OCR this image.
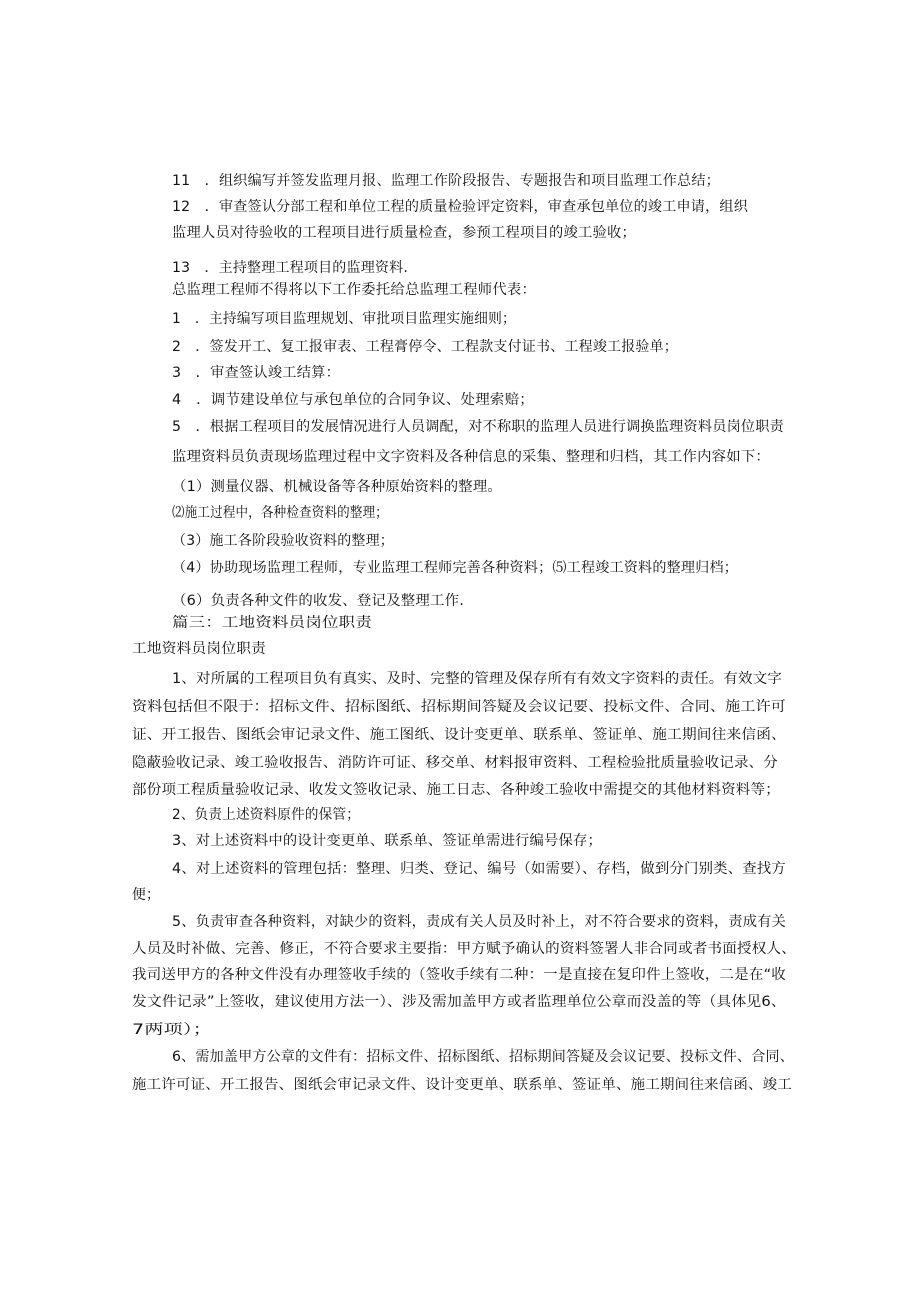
11　．组织编写并签发监理月报、监理工作阶段报告、专题报告和项目监理工作总结；
12　．审查签认分部工程和单位工程的质量检验评定资料，审查承包单位的竣工申请，组织
监理人员对待验收的工程项目进行质量检查，参预工程项目的竣工验收；
13　．主持整理工程项目的监理资料.
总监理工程师不得将以下工作委托给总监理工程师代表：
1　．主持编写项目监理规划、审批项目监理实施细则；
2　．签发开工、复工报审表、工程膏停令、工程款支付证书、工程竣工报验单；
3　．审查签认竣工结算：
4　．调节建设单位与承包单位的合同争议、处理索赔；
5　．根据工程项目的发展情况进行人员调配，对不称职的监理人员进行调换监理资料员岗位职责
监理资料员负责现场监理过程中文字资料及各种信息的采集、整理和归档，其工作内容如下：
（1）测量仪器、机械设备等各种原始资料的整理。
⑵施工过程中，各种检查资料的整理；
（3）施工各阶段验收资料的整理；
（4）协助现场监理工程师，专业监理工程师完善各种资料；⑸工程竣工资料的整理归档；
（6）负责各种文件的收发、登记及整理工作.
篇三：工地资料员岗位职责
工地资料员岗位职责
1、对所属的工程项目负有真实、及时、完整的管理及保存所有有效文字资料的责任。有效文字
资料包括但不限于：招标文件、招标图纸、招标期间答疑及会议记要、投标文件、合同、施工许可
证、开工报告、图纸会审记录文件、施工图纸、设计变更单、联系单、签证单、施工期间往来信函、
隐蔽验收记录、竣工验收报告、消防许可证、移交单、材料报审资料、工程检验批质量验收记录、分
部份项工程质量验收记录、收发文签收记录、施工日志、各种竣工验收中需提交的其他材料资料等；
2、负责上述资料原件的保管；
3、对上述资料中的设计变更单、联系单、签证单需进行编号保存；
4、对上述资料的管理包括：整理、归类、登记、编号（如需要）、存档，做到分门别类、查找方
便；
5、负责审查各种资料，对缺少的资料，责成有关人员及时补上，对不符合要求的资料，责成有关
人员及时补做、完善、修正，不符合要求主要指：甲方赋予确认的资料签署人非合同或者书面授权人、
我司送甲方的各种文件没有办理签收手续的（签收手续有二种：一是直接在复印件上签收，二是在“收
发文件记录”上签收，建议使用方法一）、涉及需加盖甲方或者监理单位公章而没盖的等（具体见6、
7两项）；
6、需加盖甲方公章的文件有：招标文件、招标图纸、招标期间答疑及会议记要、投标文件、合同、
施工许可证、开工报告、图纸会审记录文件、设计变更单、联系单、签证单、施工期间往来信函、竣工
